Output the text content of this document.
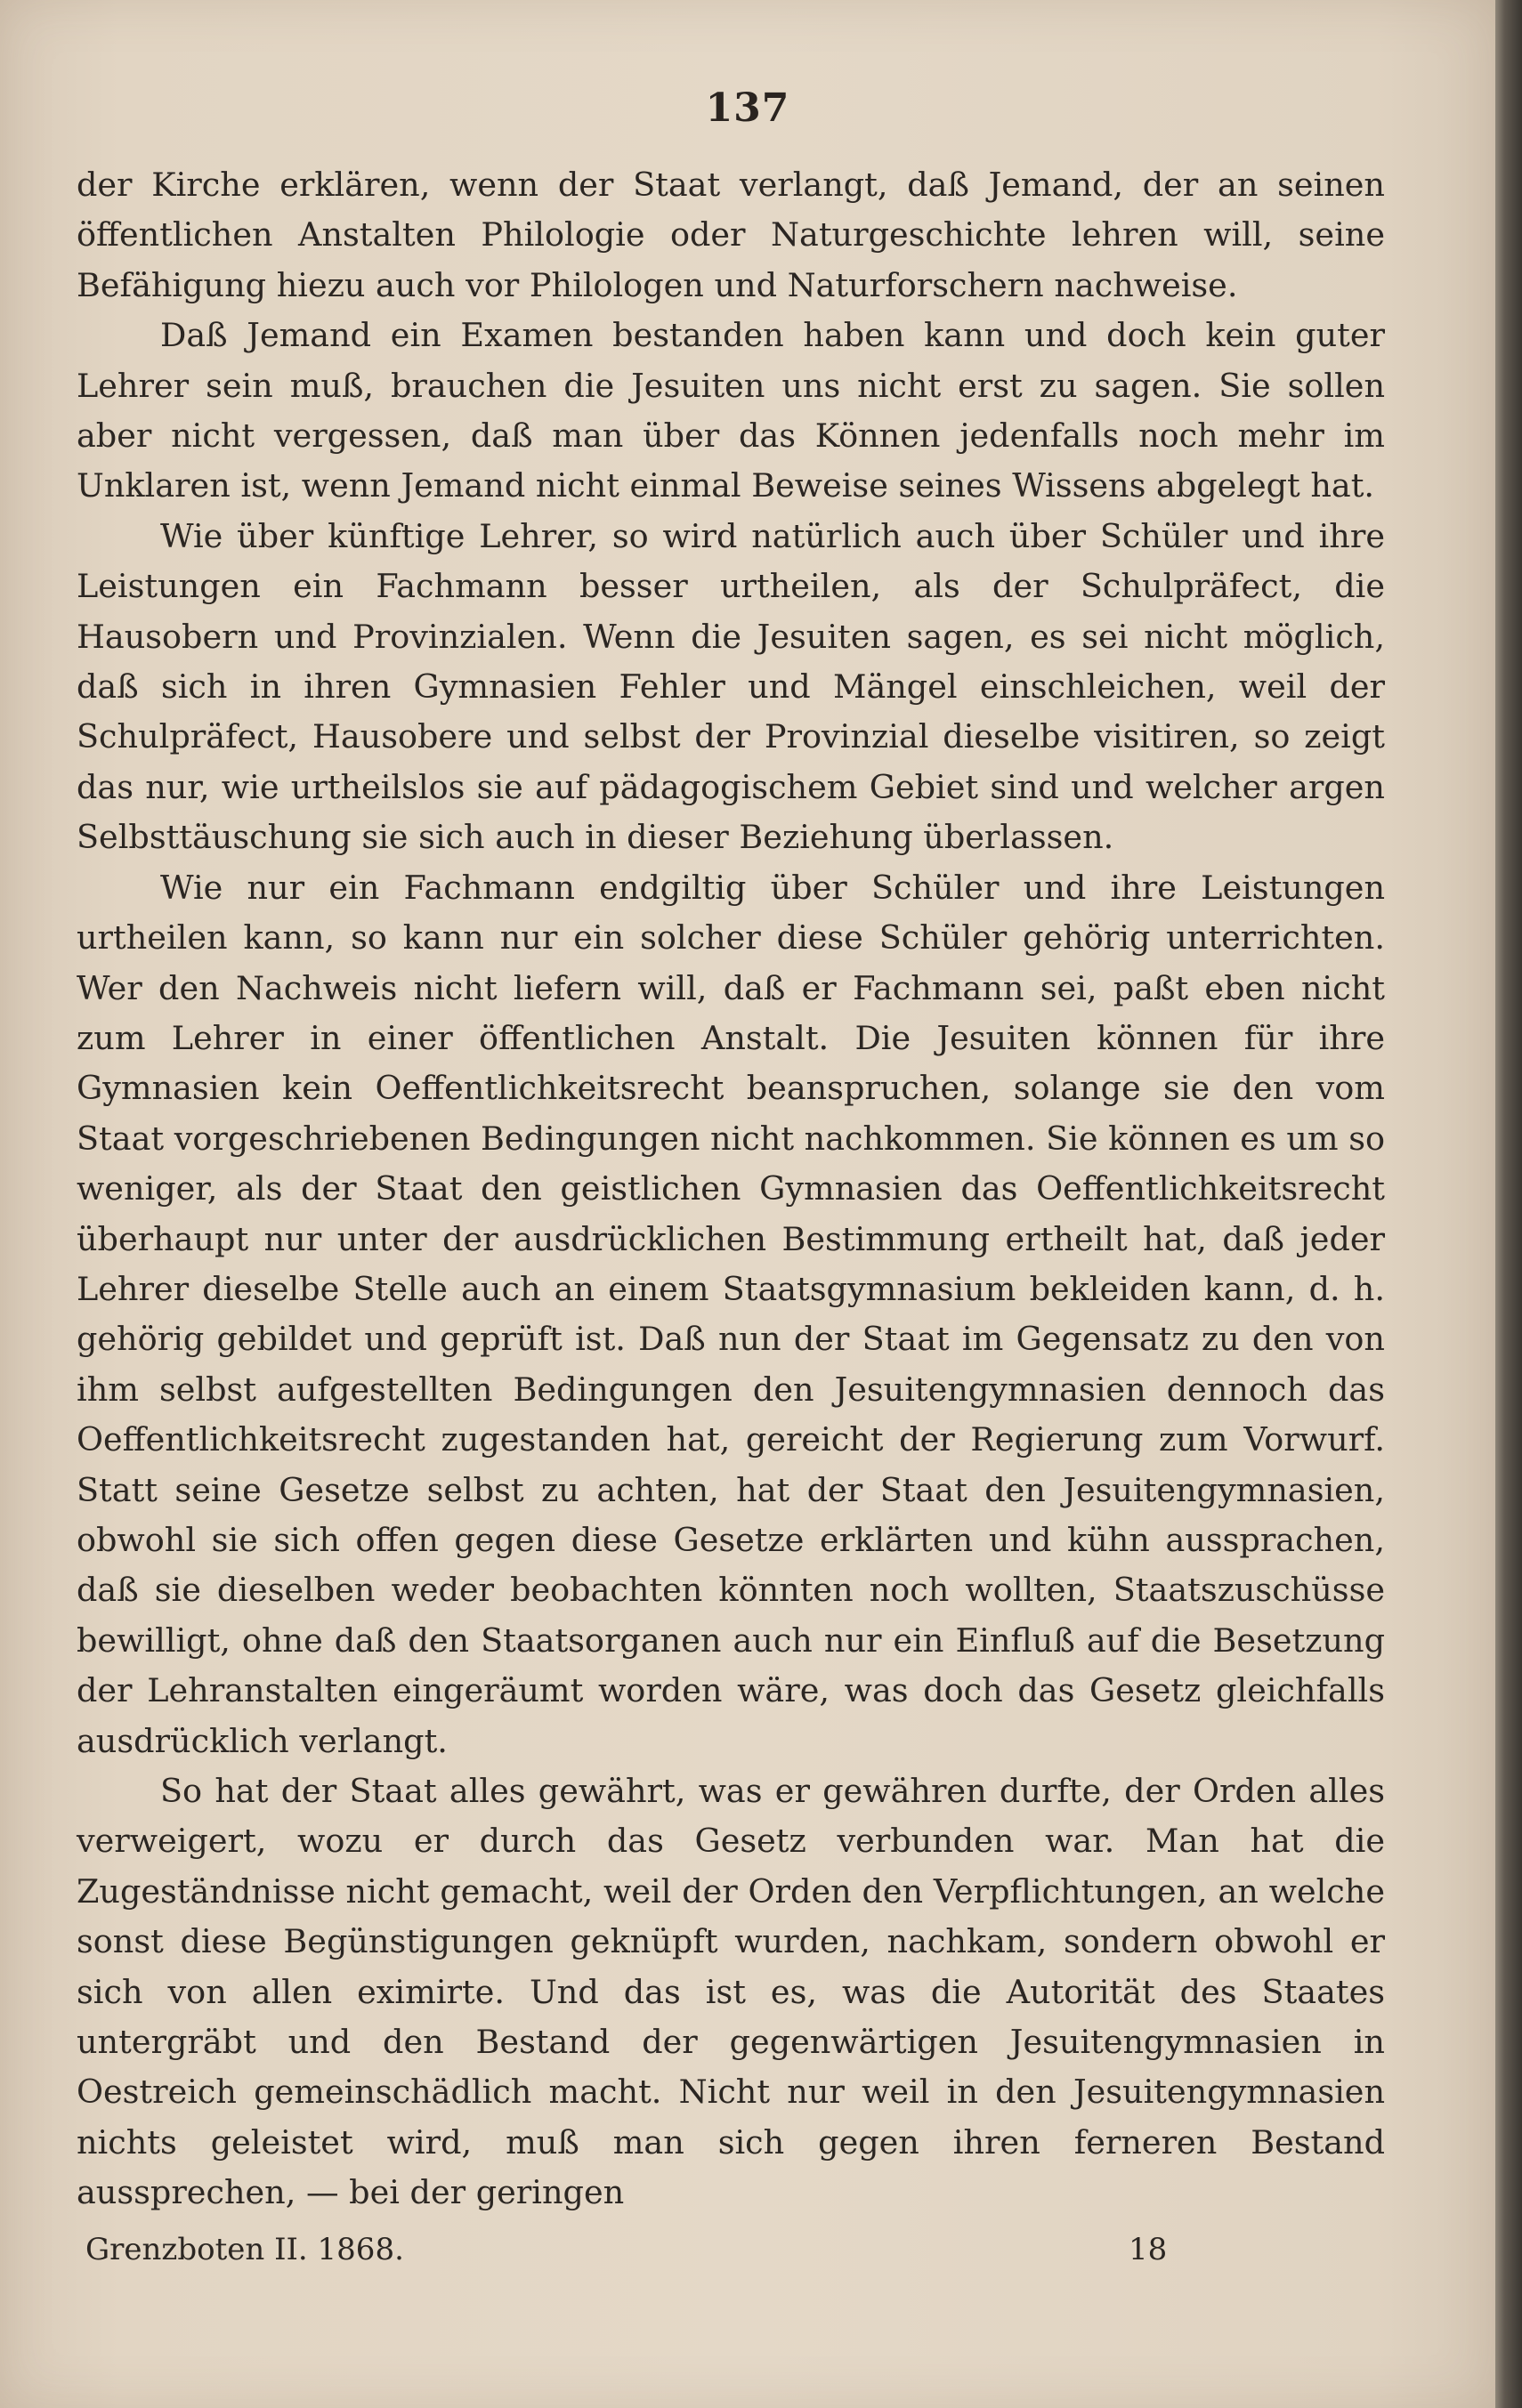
137

der Kirche erklären, wenn der Staat verlangt, daß Jemand, der an seinen öffentlichen Anstalten Philologie oder Naturgeschichte lehren will, seine Befähigung hiezu auch vor Philologen und Naturforschern nachweise.

Daß Jemand ein Examen bestanden haben kann und doch kein guter Lehrer sein muß, brauchen die Jesuiten uns nicht erst zu sagen. Sie sollen aber nicht vergessen, daß man über das Können jedenfalls noch mehr im Unklaren ist, wenn Jemand nicht einmal Beweise seines Wissens abgelegt hat.

Wie über künftige Lehrer, so wird natürlich auch über Schüler und ihre Leistungen ein Fachmann besser urtheilen, als der Schulpräfect, die Hausobern und Provinzialen. Wenn die Jesuiten sagen, es sei nicht möglich, daß sich in ihren Gymnasien Fehler und Mängel einschleichen, weil der Schulpräfect, Hausobere und selbst der Provinzial dieselbe visitiren, so zeigt das nur, wie urtheilslos sie auf pädagogischem Gebiet sind und welcher argen Selbsttäuschung sie sich auch in dieser Beziehung überlassen.

Wie nur ein Fachmann endgiltig über Schüler und ihre Leistungen urtheilen kann, so kann nur ein solcher diese Schüler gehörig unterrichten. Wer den Nachweis nicht liefern will, daß er Fachmann sei, paßt eben nicht zum Lehrer in einer öffentlichen Anstalt. Die Jesuiten können für ihre Gymnasien kein Oeffentlichkeitsrecht beanspruchen, solange sie den vom Staat vorgeschriebenen Bedingungen nicht nachkommen. Sie können es um so weniger, als der Staat den geistlichen Gymnasien das Oeffentlichkeitsrecht überhaupt nur unter der ausdrücklichen Bestimmung ertheilt hat, daß jeder Lehrer dieselbe Stelle auch an einem Staatsgymnasium bekleiden kann, d. h. gehörig gebildet und geprüft ist. Daß nun der Staat im Gegensatz zu den von ihm selbst aufgestellten Bedingungen den Jesuitengymnasien dennoch das Oeffentlichkeitsrecht zugestanden hat, gereicht der Regierung zum Vorwurf. Statt seine Gesetze selbst zu achten, hat der Staat den Jesuitengymnasien, obwohl sie sich offen gegen diese Gesetze erklärten und kühn aussprachen, daß sie dieselben weder beobachten könnten noch wollten, Staatszuschüsse bewilligt, ohne daß den Staatsorganen auch nur ein Einfluß auf die Besetzung der Lehranstalten eingeräumt worden wäre, was doch das Gesetz gleichfalls ausdrücklich verlangt.

So hat der Staat alles gewährt, was er gewähren durfte, der Orden alles verweigert, wozu er durch das Gesetz verbunden war. Man hat die Zugeständnisse nicht gemacht, weil der Orden den Verpflichtungen, an welche sonst diese Begünstigungen geknüpft wurden, nachkam, sondern obwohl er sich von allen eximirte. Und das ist es, was die Autorität des Staates untergräbt und den Bestand der gegenwärtigen Jesuitengymnasien in Oestreich gemeinschädlich macht. Nicht nur weil in den Jesuitengymnasien nichts geleistet wird, muß man sich gegen ihren ferneren Bestand aussprechen, — bei der geringen

Grenzboten II. 1868.	18
